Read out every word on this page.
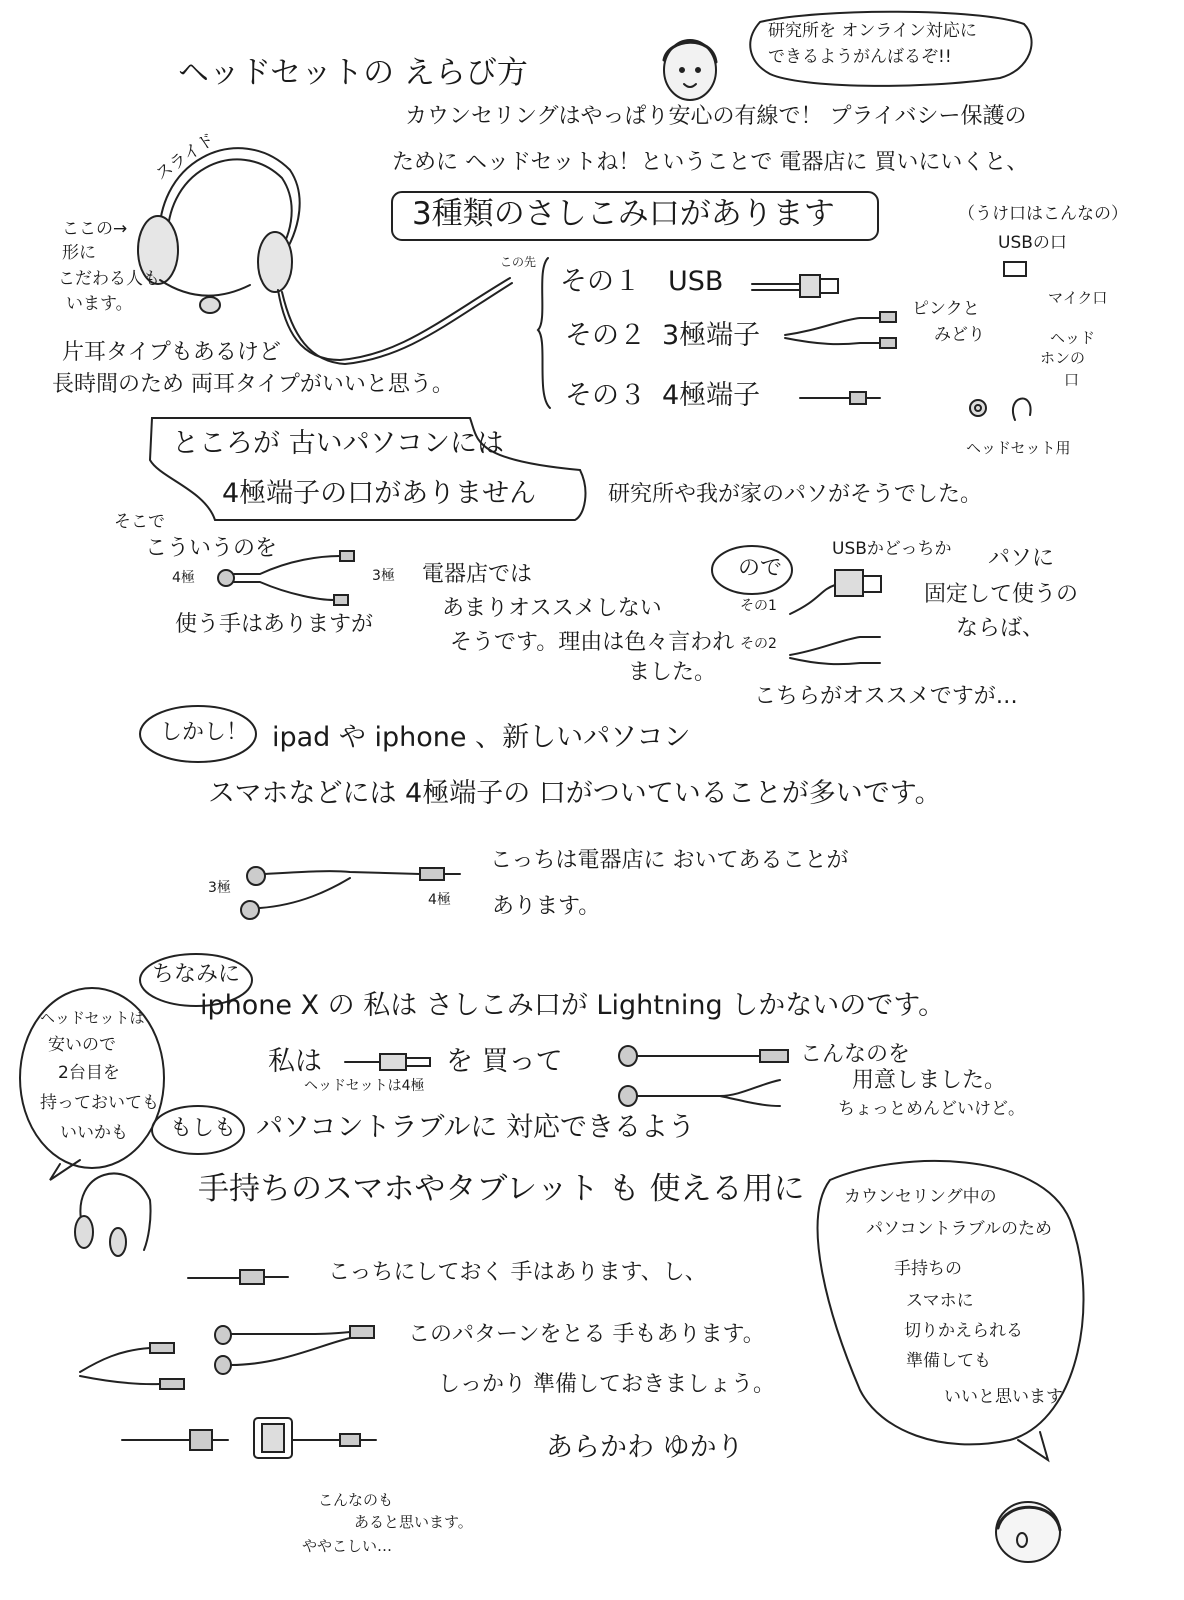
ヘッドセットの えらび方
研究所を オンライン対応に
できるようがんばるぞ!!
カウンセリングはやっぱり安心の有線で！ プライバシー保護の
ために ヘッドセットね！ということで 電器店に 買いにいくと、
3種類のさしこみ口があります
スライド
ここの→
形に
こだわる人も
います。
この先
片耳タイプもあるけど
長時間のため 両耳タイプがいいと思う。
その１ USB
その２ 3極端子
その３ 4極端子
ピンクと
みどり
（うけ口はこんなの）
USBの口
マイク口
ヘッド
ホンの
口
ヘッドセット用
ところが 古いパソコンには
4極端子の口がありません	研究所や我が家のパソがそうでした。
そこで
こういうのを
4極	3極
使う手はありますが
電器店では
あまりオススメしない
そうです。理由は色々言われ
ました。
ので
USBかどっちか パソに
固定して使うの
ならば、
その1
その2
こちらがオススメですが…
しかし！ ipad や iphone 、新しいパソコン
スマホなどには 4極端子の 口がついていることが多いです。
3極
4極
こっちは電器店に おいてあることが
あります。
ちなみに
iphone X の 私は さしこみ口が Lightning しかないのです。
私は	を 買って
ヘッドセットは4極
こんなのを
用意しました。
ちょっとめんどいけど。
ヘッドセットは
安いので
2台目を
持っておいても
いいかも もしも パソコントラブルに 対応できるよう
手持ちのスマホやタブレット も 使える用に
こっちにしておく 手はあります、し、
このパターンをとる 手もあります。
しっかり 準備しておきましょう。
カウンセリング中の
パソコントラブルのため
手持ちの
スマホに
切りかえられる
準備しても
いいと思います
あらかわ ゆかり
こんなのも
あると思います。
ややこしい…
